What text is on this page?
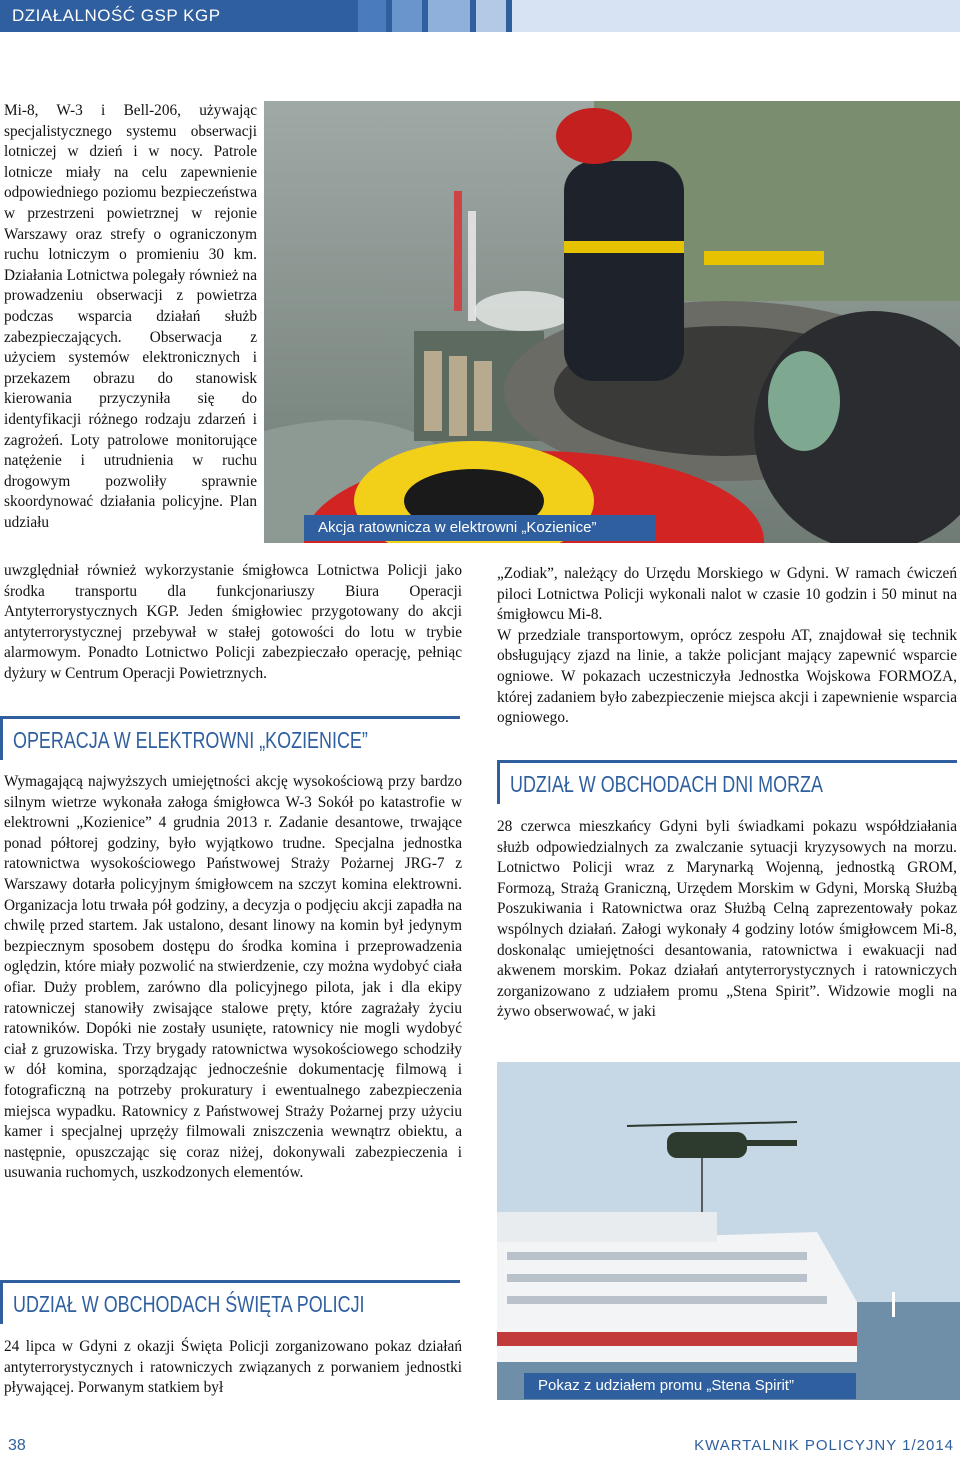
DZIAŁALNOŚĆ GSP KGP

Mi-8, W-3 i Bell-206, używając specjalistycznego systemu obserwacji lotniczej w dzień i w nocy. Patrole lotnicze miały na celu zapewnienie odpowiedniego poziomu bezpieczeństwa w przestrzeni powietrznej w rejonie Warszawy oraz strefy o ograniczonym ruchu lotniczym o promieniu 30 km. Działania Lotnictwa polegały również na prowadzeniu obserwacji z powietrza podczas wsparcia działań służb zabezpieczających. Obserwacja z użyciem systemów elektronicznych i przekazem obrazu do stanowisk kierowania przyczyniła się do identyfikacji różnego rodzaju zdarzeń i zagrożeń. Loty patrolowe monitorujące natężenie i utrudnienia w ruchu drogowym pozwoliły sprawnie skoordynować działania policyjne. Plan udziału	Akcja ratownicza w elektrowni „Kozienice”

uwzględniał również wykorzystanie śmigłowca Lotnictwa Policji jako środka transportu dla funkcjonariuszy Biura Operacji Antyterrorystycznych KGP. Jeden śmigłowiec przygotowany do akcji antyterrorystycznej przebywał w stałej gotowości do lotu w trybie alarmowym. Ponadto Lotnictwo Policji zabezpieczało operację, pełniąc dyżury w Centrum Operacji Powietrznych.

OPERACJA W ELEKTROWNI „KOZIENICE”

Wymagającą najwyższych umiejętności akcję wysokościową przy bardzo silnym wietrze wykonała załoga śmigłowca W-3 Sokół po katastrofie w elektrowni „Kozienice” 4 grudnia 2013 r. Zadanie desantowe, trwające ponad półtorej godziny, było wyjątkowo trudne. Specjalna jednostka ratownictwa wysokościowego Państwowej Straży Pożarnej JRG-7 z Warszawy dotarła policyjnym śmigłowcem na szczyt komina elektrowni. Organizacja lotu trwała pół godziny, a decyzja o podjęciu akcji zapadła na chwilę przed startem. Jak ustalono, desant linowy na komin był jedynym bezpiecznym sposobem dostępu do środka komina i przeprowadzenia oględzin, które miały pozwolić na stwierdzenie, czy można wydobyć ciała ofiar. Duży problem, zarówno dla policyjnego pilota, jak i dla ekipy ratowniczej stanowiły zwisające stalowe pręty, które zagrażały życiu ratowników. Dopóki nie zostały usunięte, ratownicy nie mogli wydobyć ciał z gruzowiska. Trzy brygady ratownictwa wysokościowego schodziły w dół komina, sporządzając jednocześnie dokumentację filmową i fotograficzną na potrzeby prokuratury i ewentualnego zabezpieczenia miejsca wypadku. Ratownicy z Państwowej Straży Pożarnej przy użyciu kamer i specjalnej uprzęży filmowali zniszczenia wewnątrz obiektu, a następnie, opuszczając się coraz niżej, dokonywali zabezpieczenia i usuwania ruchomych, uszkodzonych elementów.

UDZIAŁ W OBCHODACH ŚWIĘTA POLICJI

24 lipca w Gdyni z okazji Święta Policji zorganizowano pokaz działań antyterrorystycznych i ratowniczych związanych z porwaniem jednostki pływającej. Porwanym statkiem był

„Zodiak”, należący do Urzędu Morskiego w Gdyni. W ramach ćwiczeń piloci Lotnictwa Policji wykonali nalot w czasie 10 godzin i 50 minut na śmigłowcu Mi-8.

W przedziale transportowym, oprócz zespołu AT, znajdował się technik obsługujący zjazd na linie, a także policjant mający zapewnić wsparcie ogniowe. W pokazach uczestniczyła Jednostka Wojskowa FORMOZA, której zadaniem było zabezpieczenie miejsca akcji i zapewnienie wsparcia ogniowego.

UDZIAŁ W OBCHODACH DNI MORZA

28 czerwca mieszkańcy Gdyni byli świadkami pokazu współdziałania służb odpowiedzialnych za zwalczanie sytuacji kryzysowych na morzu. Lotnictwo Policji wraz z Marynarką Wojenną, jednostką GROM, Formozą, Strażą Graniczną, Urzędem Morskim w Gdyni, Morską Służbą Poszukiwania i Ratownictwa oraz Służbą Celną zaprezentowały pokaz wspólnych działań. Załogi wykonały 4 godziny lotów śmigłowcem Mi-8, doskonaląc umiejętności desantowania, ratownictwa i ewakuacji nad akwenem morskim. Pokaz działań antyterrorystycznych i ratowniczych zorganizowano z udziałem promu „Stena Spirit”. Widzowie mogli na żywo obserwować, w jaki

Pokaz z udziałem promu „Stena Spirit”
38	KWARTALNIK POLICYJNY 1/2014
